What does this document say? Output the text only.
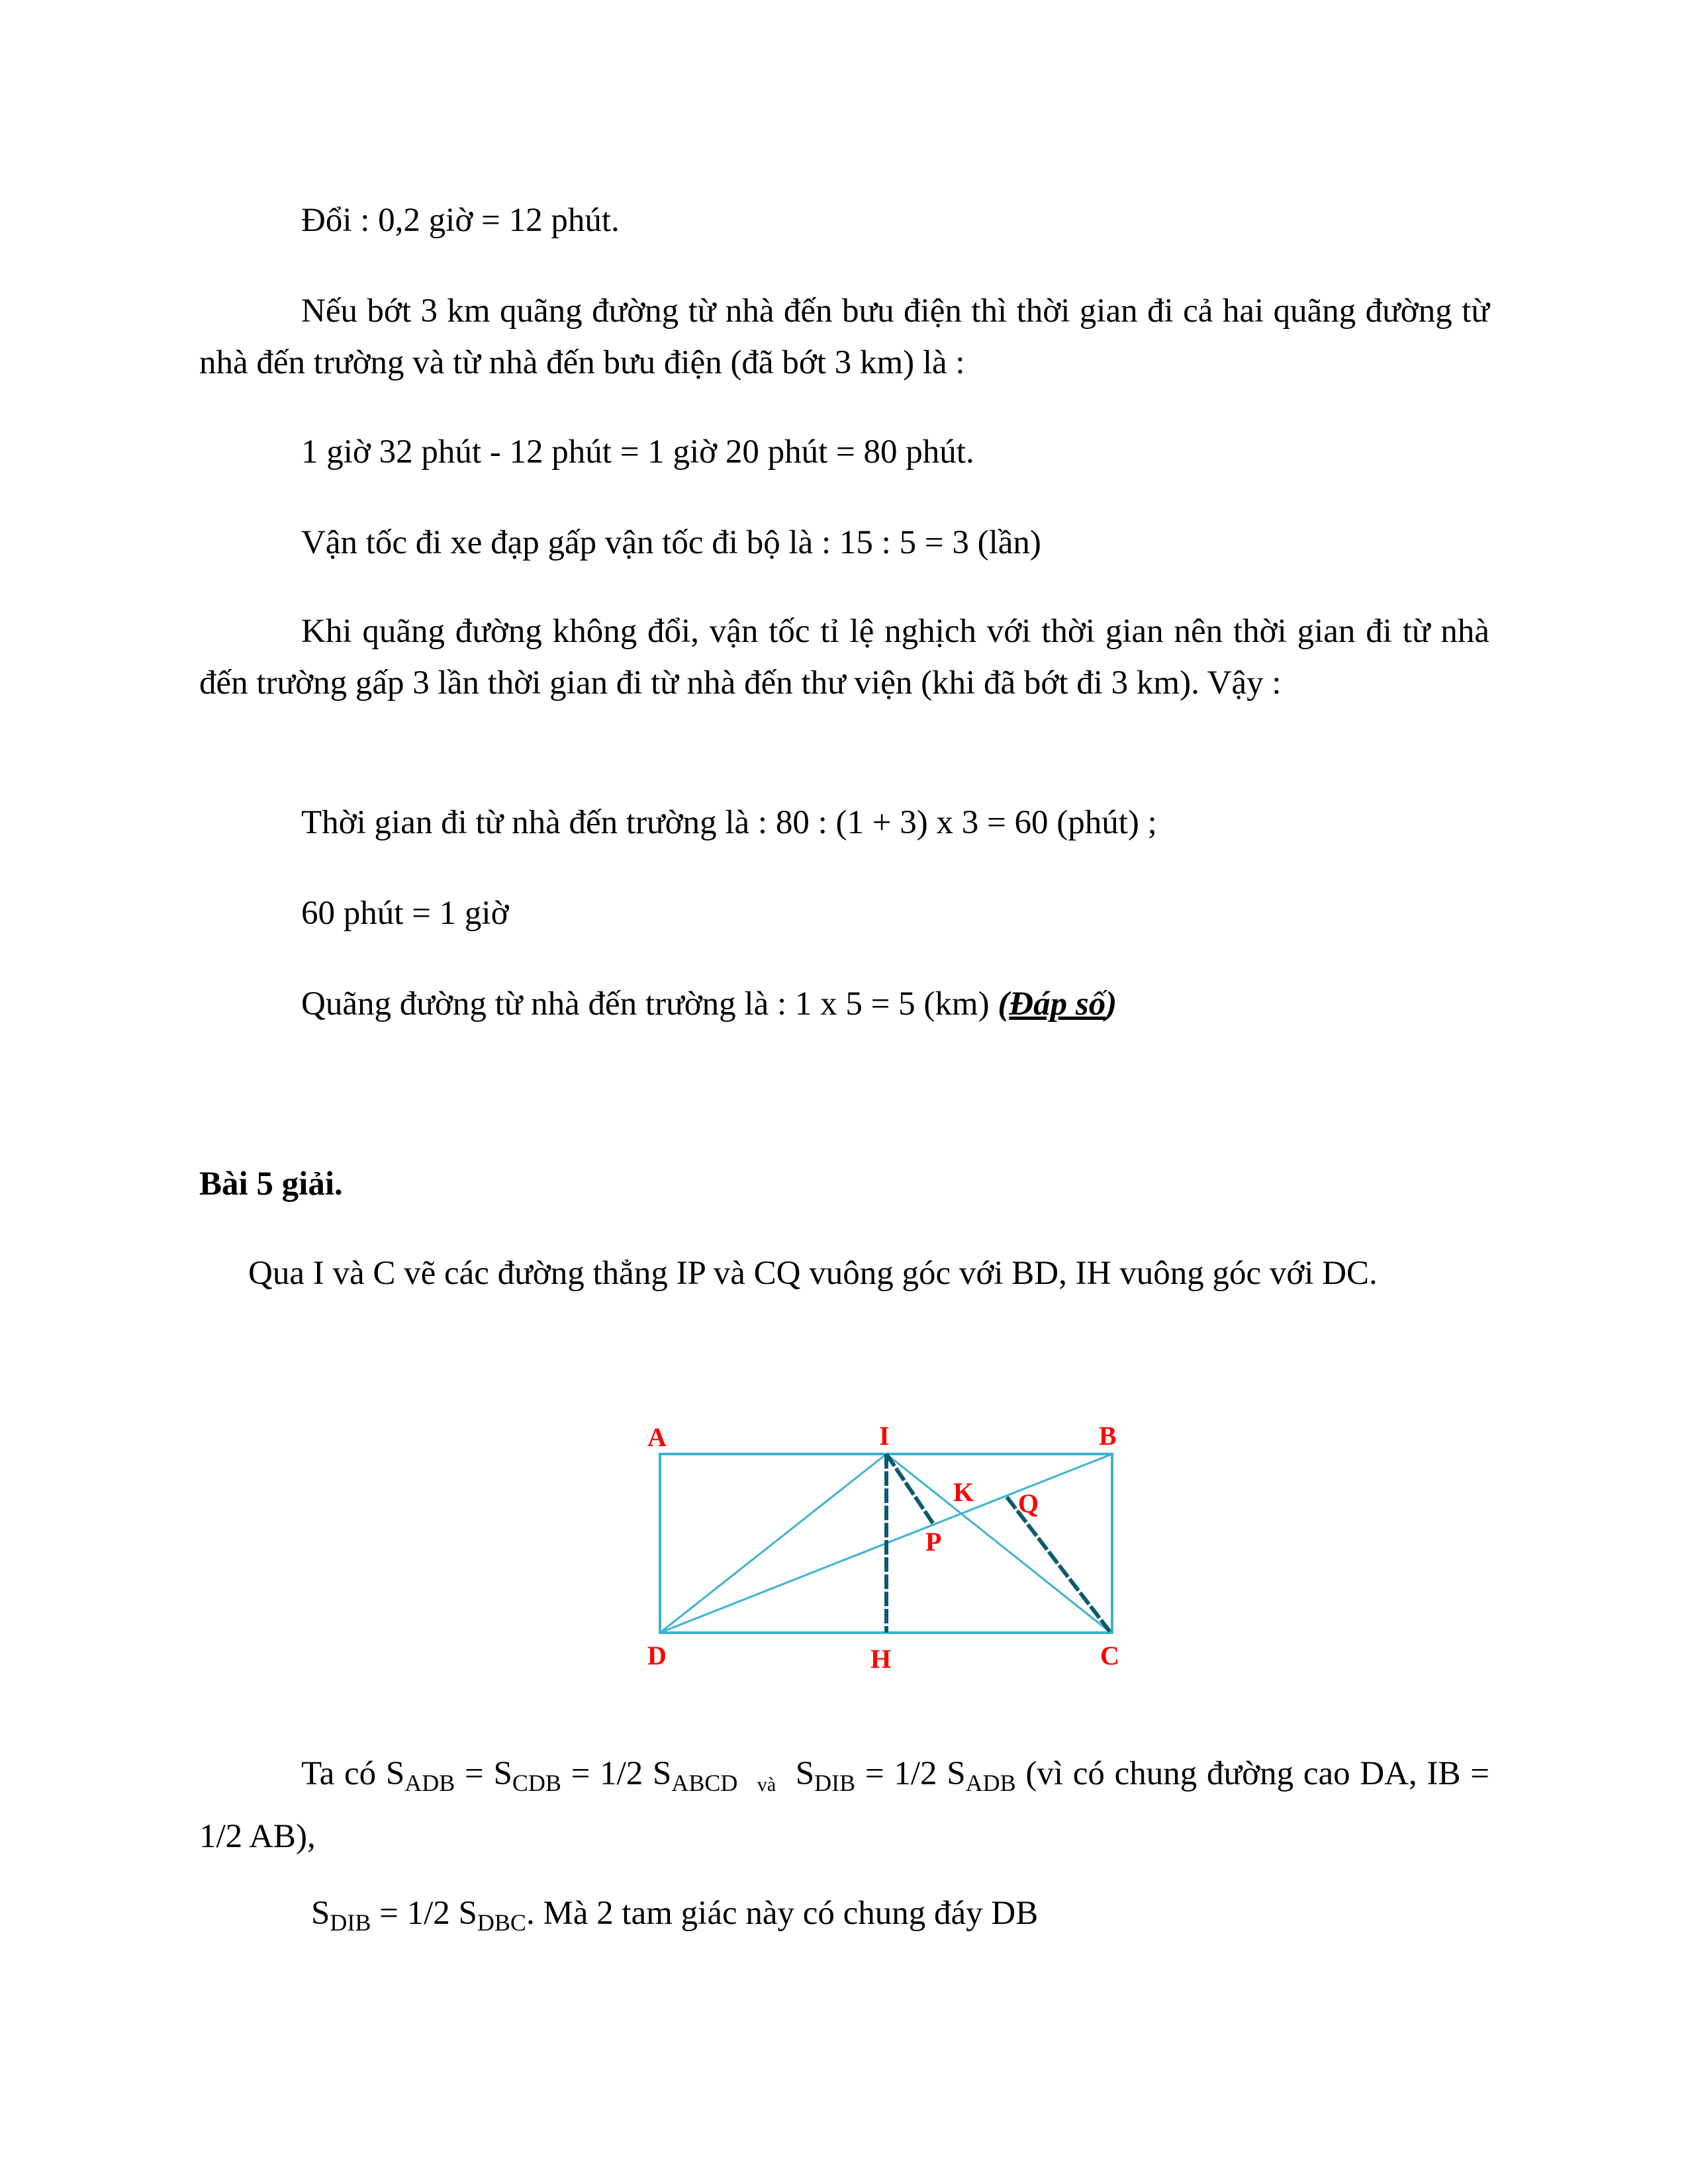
Đổi : 0,2 giờ = 12 phút.
Nếu bớt 3 km quãng đường từ nhà đến bưu điện thì thời gian đi cả hai quãng đường từ nhà đến trường và từ nhà đến bưu điện (đã bớt 3 km) là :
1 giờ 32 phút - 12 phút = 1 giờ 20 phút = 80 phút.
Vận tốc đi xe đạp gấp vận tốc đi bộ là : 15 : 5 = 3 (lần)
Khi quãng đường không đổi, vận tốc tỉ lệ nghịch với thời gian nên thời gian đi từ nhà đến trường gấp 3 lần thời gian đi từ nhà đến thư viện (khi đã bớt đi 3 km). Vậy :
Thời gian đi từ nhà đến trường là : 80 : (1 + 3) x 3 = 60 (phút) ;
60 phút = 1 giờ
Quãng đường từ nhà đến trường là : 1 x 5 = 5 (km) (Đáp số)
Bài 5 giải.
Qua I và C vẽ các đường thẳng IP và CQ vuông góc với BD, IH vuông góc với DC.
A	I	B
K Q
P
D	H	C
Ta có $S_{ADB} = S_{CDB} = 1/2$ $S_{ABCD}$ $_{và}$ $S_{DIB} = 1/2$ $S_{ADB}$ (vì có chung đường cao DA, IB = 1/2 AB),
$S_{DIB} = 1/2$ $S_{DBC}$. Mà 2 tam giác này có chung đáy DB
